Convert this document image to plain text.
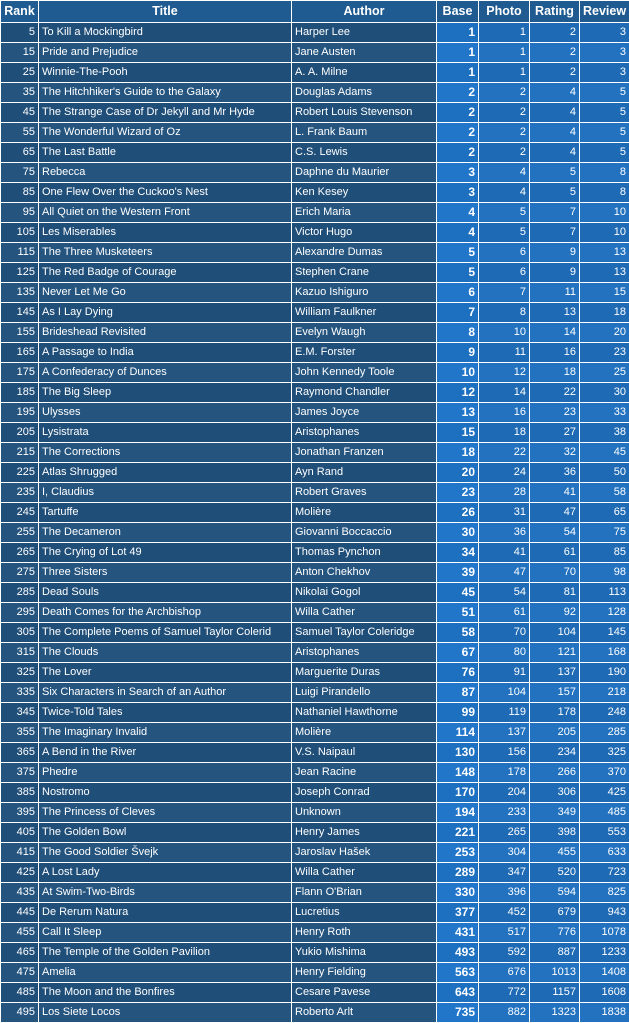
Rank	Title	Author	Base	Photo	Rating	Review
5	To Kill a Mockingbird	Harper Lee	1	1	2	3
15	Pride and Prejudice	Jane Austen	1	1	2	3
25	Winnie-The-Pooh	A. A. Milne	1	1	2	3
35	The Hitchhiker's Guide to the Galaxy	Douglas Adams	2	2	4	5
45	The Strange Case of Dr Jekyll and Mr Hyde	Robert Louis Stevenson	2	2	4	5
55	The Wonderful Wizard of Oz	L. Frank Baum	2	2	4	5
65	The Last Battle	C.S. Lewis	2	2	4	5
75	Rebecca	Daphne du Maurier	3	4	5	8
85	One Flew Over the Cuckoo's Nest	Ken Kesey	3	4	5	8
95	All Quiet on the Western Front	Erich Maria	4	5	7	10
105	Les Miserables	Victor Hugo	4	5	7	10
115	The Three Musketeers	Alexandre Dumas	5	6	9	13
125	The Red Badge of Courage	Stephen Crane	5	6	9	13
135	Never Let Me Go	Kazuo Ishiguro	6	7	11	15
145	As I Lay Dying	William Faulkner	7	8	13	18
155	Brideshead Revisited	Evelyn Waugh	8	10	14	20
165	A Passage to India	E.M. Forster	9	11	16	23
175	A Confederacy of Dunces	John Kennedy Toole	10	12	18	25
185	The Big Sleep	Raymond Chandler	12	14	22	30
195	Ulysses	James Joyce	13	16	23	33
205	Lysistrata	Aristophanes	15	18	27	38
215	The Corrections	Jonathan Franzen	18	22	32	45
225	Atlas Shrugged	Ayn Rand	20	24	36	50
235	I, Claudius	Robert Graves	23	28	41	58
245	Tartuffe	Molière	26	31	47	65
255	The Decameron	Giovanni Boccaccio	30	36	54	75
265	The Crying of Lot 49	Thomas Pynchon	34	41	61	85
275	Three Sisters	Anton Chekhov	39	47	70	98
285	Dead Souls	Nikolai Gogol	45	54	81	113
295	Death Comes for the Archbishop	Willa Cather	51	61	92	128
305	The Complete Poems of Samuel Taylor Colerid	Samuel Taylor Coleridge	58	70	104	145
315	The Clouds	Aristophanes	67	80	121	168
325	The Lover	Marguerite Duras	76	91	137	190
335	Six Characters in Search of an Author	Luigi Pirandello	87	104	157	218
345	Twice-Told Tales	Nathaniel Hawthorne	99	119	178	248
355	The Imaginary Invalid	Molière	114	137	205	285
365	A Bend in the River	V.S. Naipaul	130	156	234	325
375	Phedre	Jean Racine	148	178	266	370
385	Nostromo	Joseph Conrad	170	204	306	425
395	The Princess of Cleves	Unknown	194	233	349	485
405	The Golden Bowl	Henry James	221	265	398	553
415	The Good Soldier Švejk	Jaroslav Hašek	253	304	455	633
425	A Lost Lady	Willa Cather	289	347	520	723
435	At Swim-Two-Birds	Flann O'Brian	330	396	594	825
445	De Rerum Natura	Lucretius	377	452	679	943
455	Call It Sleep	Henry Roth	431	517	776	1078
465	The Temple of the Golden Pavilion	Yukio Mishima	493	592	887	1233
475	Amelia	Henry Fielding	563	676	1013	1408
485	The Moon and the Bonfires	Cesare Pavese	643	772	1157	1608
495	Los Siete Locos	Roberto Arlt	735	882	1323	1838
